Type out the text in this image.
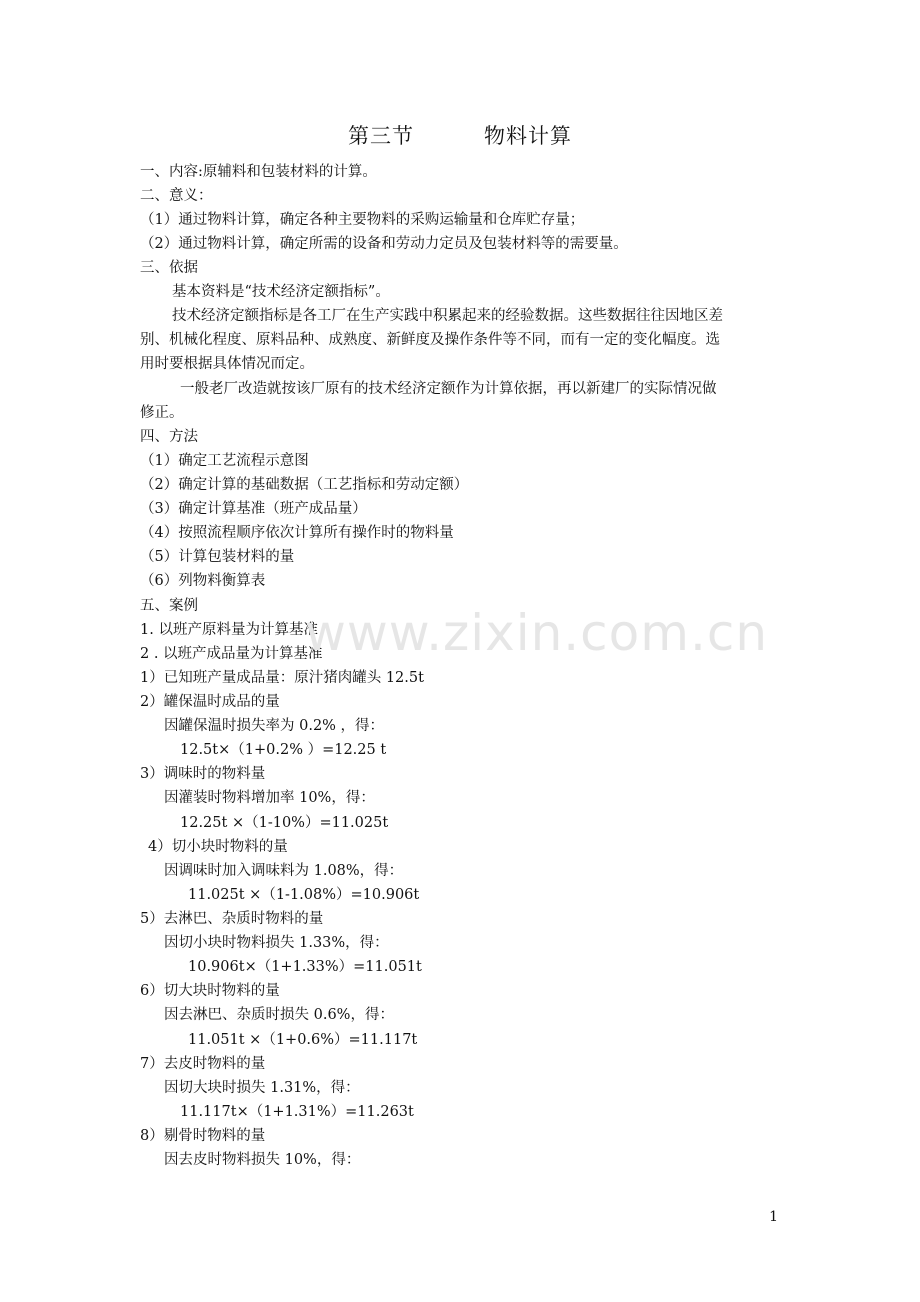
第三节	物料计算
一、内容:原辅料和包装材料的计算。
二、意义：
（1）通过物料计算，确定各种主要物料的采购运输量和仓库贮存量；
（2）通过物料计算，确定所需的设备和劳动力定员及包装材料等的需要量。
三、依据
基本资料是“技术经济定额指标”。
技术经济定额指标是各工厂在生产实践中积累起来的经验数据。这些数据往往因地区差
别、机械化程度、原料品种、成熟度、新鲜度及操作条件等不同，而有一定的变化幅度。选
用时要根据具体情况而定。
一般老厂改造就按该厂原有的技术经济定额作为计算依据，再以新建厂的实际情况做
修正。
四、方法
（1）确定工艺流程示意图
（2）确定计算的基础数据（工艺指标和劳动定额）
（3）确定计算基准（班产成品量）
（4）按照流程顺序依次计算所有操作时的物料量
（5）计算包装材料的量
（6）列物料衡算表
五、案例
1. 以班产原料量为计算基准
2 . 以班产成品量为计算基准
1）已知班产量成品量：原汁猪肉罐头 12.5t
2）罐保温时成品的量
因罐保温时损失率为 0.2% ，得：
12.5t×（1+0.2% ）=12.25 t
3）调味时的物料量
因灌装时物料增加率 10%，得：
12.25t ×（1-10%）=11.025t
4）切小块时物料的量
因调味时加入调味料为 1.08%，得：
11.025t ×（1-1.08%）=10.906t
5）去淋巴、杂质时物料的量
因切小块时物料损失 1.33%，得：
10.906t×（1+1.33%）=11.051t
6）切大块时物料的量
因去淋巴、杂质时损失 0.6%，得：
11.051t ×（1+0.6%）=11.117t
7）去皮时物料的量
因切大块时损失 1.31%，得：
11.117t×（1+1.31%）=11.263t
8）剔骨时物料的量
因去皮时物料损失 10%，得：
www.zixin.com.cn
1
